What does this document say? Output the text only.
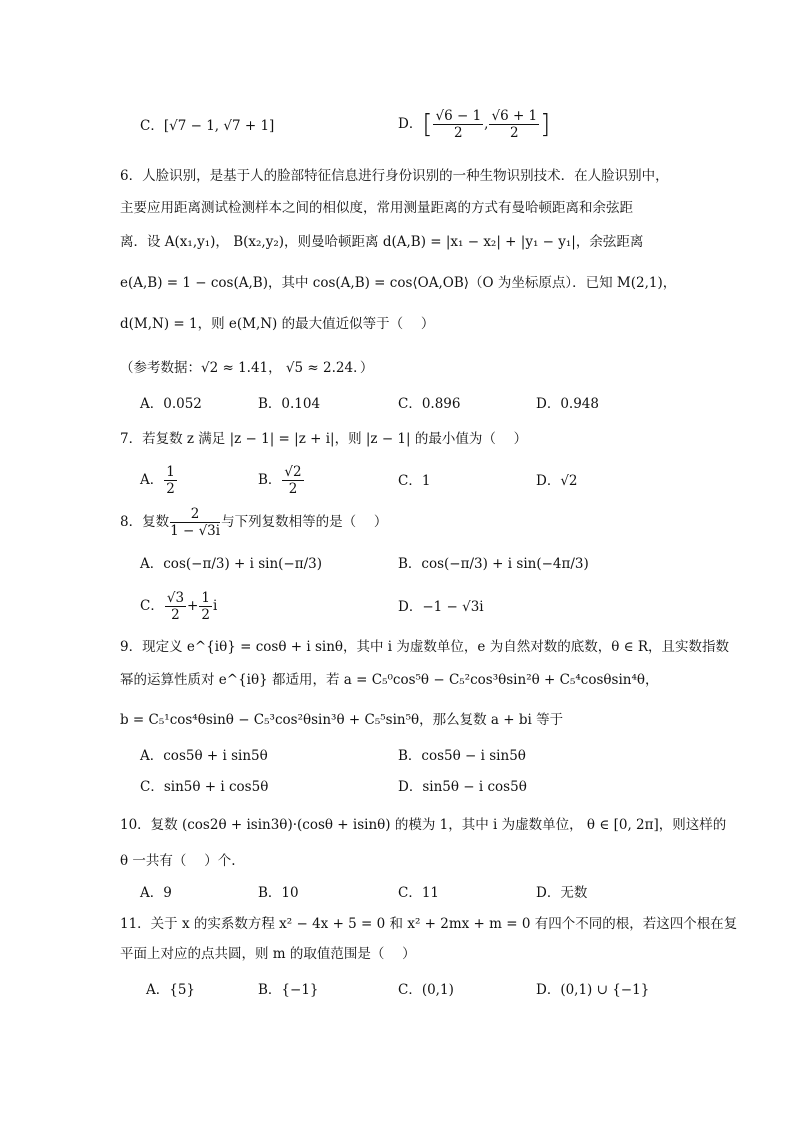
C．[√7 − 1, √7 + 1]	D．[ $\frac{√6 - 1}{2}$ , $\frac{√6 + 1}{2}$ ]
6．人脸识别，是基于人的脸部特征信息进行身份识别的一种生物识别技术．在人脸识别中，
主要应用距离测试检测样本之间的相似度，常用测量距离的方式有曼哈顿距离和余弦距
离．设 A(x₁,y₁)， B(x₂,y₂)，则曼哈顿距离 d(A,B) = |x₁ − x₂| + |y₁ − y₁|，余弦距离
e(A,B) = 1 − cos(A,B)，其中 cos(A,B) = cos⟨OA,OB⟩（O 为坐标原点）．已知 M(2,1)，
d(M,N) = 1，则 e(M,N) 的最大值近似等于（　 ）
（参考数据：√2 ≈ 1.41， √5 ≈ 2.24．）
A．0.052	B．0.104	C．0.896	D．0.948
7．若复数 z 满足 |z − 1| = |z + i|，则 |z − 1| 的最小值为（　 ）
A． $\frac{1}{2}$	B． $\frac{√2}{2}$	C．1	D．√2
8．复数 $\frac{2}{1 - √3i}$ 与下列复数相等的是（　 ）
A．cos(−π/3) + i sin(−π/3)	B．cos(−π/3) + i sin(−4π/3)
C． $\frac{√3}{2} + \frac{1}{2}$ i	D．−1 − √3i
9．现定义 e^{iθ} = cosθ + i sinθ，其中 i 为虚数单位，e 为自然对数的底数，θ ∈ R，且实数指数
幂的运算性质对 e^{iθ} 都适用，若 a = C₅⁰cos⁵θ − C₅²cos³θsin²θ + C₅⁴cosθsin⁴θ，
b = C₅¹cos⁴θsinθ − C₅³cos²θsin³θ + C₅⁵sin⁵θ，那么复数 a + bi 等于
A．cos5θ + i sin5θ	B．cos5θ − i sin5θ
C．sin5θ + i cos5θ	D．sin5θ − i cos5θ
10．复数 (cos2θ + isin3θ)·(cosθ + isinθ) 的模为 1，其中 i 为虚数单位， θ ∈ [0, 2π]，则这样的
θ 一共有（　 ）个.
A．9	B．10	C．11	D．无数
11．关于 x 的实系数方程 x² − 4x + 5 = 0 和 x² + 2mx + m = 0 有四个不同的根，若这四个根在复
平面上对应的点共圆，则 m 的取值范围是（　 ）
A．{5}	B．{−1}	C．(0,1)	D．(0,1) ∪ {−1}
